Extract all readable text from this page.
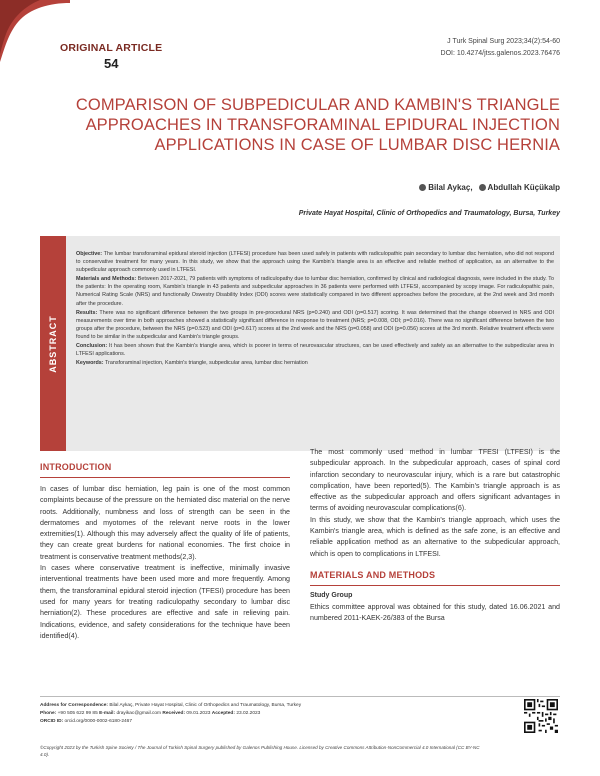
ORIGINAL ARTICLE
54
J Turk Spinal Surg 2023;34(2):54-60
DOI: 10.4274/jtss.galenos.2023.76476
COMPARISON OF SUBPEDICULAR AND KAMBIN'S TRIANGLE
APPROACHES IN TRANSFORAMINAL EPIDURAL INJECTION
APPLICATIONS IN CASE OF LUMBAR DISC HERNIA
Bilal Aykaç,	Abdullah Küçükalp
Private Hayat Hospital, Clinic of Orthopedics and Traumatology, Bursa, Turkey
ABSTRACT

Objective: The lumbar transforaminal epidural steroid injection (LTFESI) procedure has been used safely in patients with radiculopathic pain secondary to lumbar disc herniation, who did not respond to conservative treatment for many years. In this study, we show that the approach using the Kambin's triangle area is an effective and reliable method of application, as an alternative to the subpedicular approach commonly used in LTFESI.

Materials and Methods: Between 2017-2021, 79 patients with symptoms of radiculopathy due to lumbar disc herniation, confirmed by clinical and radiological diagnosis, were included in the study. To the patients: In the operating room, Kambin's triangle in 43 patients and subpedicular approaches in 36 patients were performed with LTFESI, accompanied by scopy image. For radiculopathic pain, Numerical Rating Scale (NRS) and functionally Oswestry Disability Index (ODI) scores were statistically compared in two different approaches before the procedure, at the 2nd week and 3rd month after the procedure.

Results: There was no significant difference between the two groups in pre-procedural NRS (p=0.240) and ODI (p=0.517) scoring. It was determined that the change observed in NRS and ODI measurements over time in both approaches showed a statistically significant difference in response to treatment (NRS; p=0.008, ODI; p=0.016). There was no significant difference between the two groups after the procedure, between the NRS (p=0.523) and ODI (p=0.617) scores at the 2nd week and the NRS (p=0.058) and ODI (p=0.056) scores at the 3rd month. Relative treatment effects were found to be similar in the subpedicular and Kambin's triangle groups.

Conclusion: It has been shown that the Kambin's triangle area, which is poorer in terms of neurovascular structures, can be used effectively and safely as an alternative to the subpedicular area in LTFESI applications.

Keywords: Transforaminal injection, Kambin's triangle, subpedicular area, lumbar disc herniation

INTRODUCTION

In cases of lumbar disc herniation, leg pain is one of the most common complaints because of the pressure on the herniated disc material on the nerve roots. Additionally, numbness and loss of strength can be seen in the dermatomes and myotomes of the relevant nerve roots in the lower extremities(1). Although this may adversely affect the quality of life of patients, they can create great burdens for national economies. The first choice in treatment is conservative treatment methods(2,3).

In cases where conservative treatment is ineffective, minimally invasive interventional treatments have been used more and more frequently. Among them, the transforaminal epidural steroid injection (TFESI) procedure has been used for many years for treating radiculopathy secondary to lumbar disc herniation(2). These procedures are effective and safe in relieving pain. Indications, evidence, and safety considerations for the technique have been identified(4).

The most commonly used method in lumbar TFESI (LTFESI) is the subpedicular approach. In the subpedicular approach, cases of spinal cord infarction secondary to neurovascular injury, which is a rare but catastrophic complication, have been reported(5). The Kambin's triangle approach is as effective as the subpedicular approach and offers significant advantages in terms of avoiding neurovascular complications(6).

In this study, we show that the Kambin's triangle approach, which uses the Kambin's triangle area, which is defined as the safe zone, is an effective and reliable application method as an alternative to the subpedicular approach, which is open to complications in LTFESI.

MATERIALS AND METHODS
Study Group
Ethics committee approval was obtained for this study, dated 16.06.2021 and numbered 2011-KAEK-26/383 of the Bursa
Address for Correspondence: Bilal Aykaç, Private Hayat Hospital, Clinic of Orthopedics and Traumatology, Bursa, Turkey
Phone: +90 505 622 99 85 E-mail: drayikac@gmail.com Received: 09.01.2023 Accepted: 23.02.2023
ORCID ID: orcid.org/0000-0002-6180-2467
©Copyright 2023 by the Turkish Spine Society / The Journal of Turkish Spinal Surgery published by Galenos Publishing House. Licensed by Creative Commons Attribution-NonCommercial 4.0 International (CC BY-NC 4.0).
